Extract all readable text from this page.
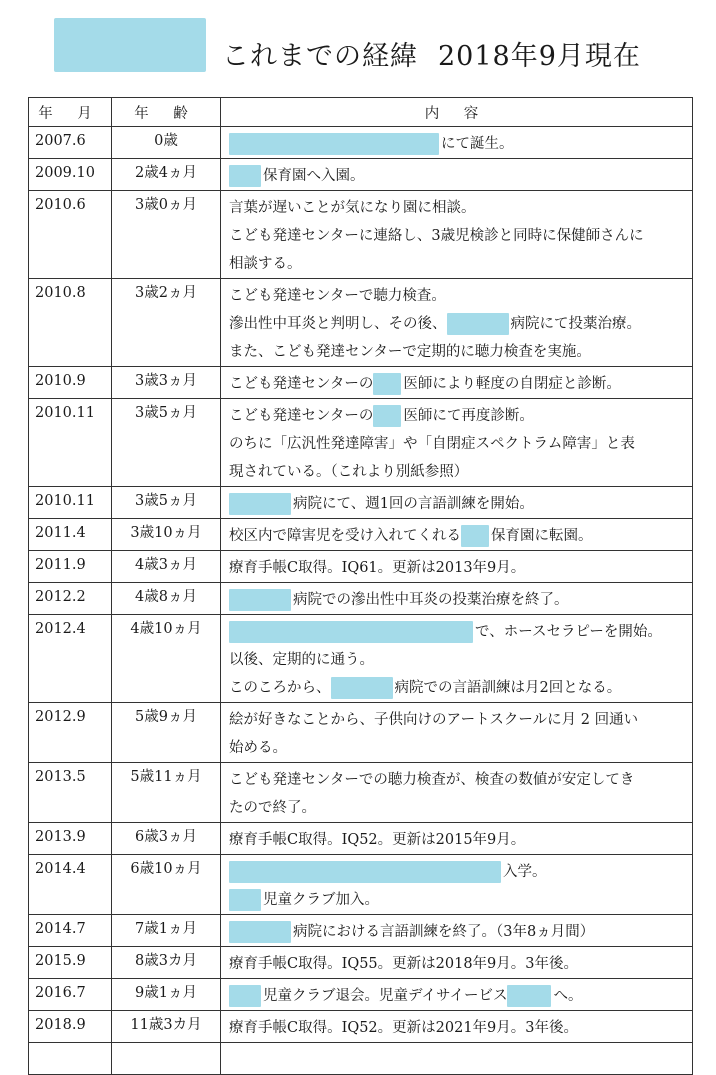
これまでの経緯 2018年9月現在
年 月	年 齢	内 容
2007.6	0歳	にて誕生。

2009.10	2歳4ヵ月	保育園へ入園。

2010.6	3歳0ヵ月	言葉が遅いことが気になり園に相談。
こども発達センターに連絡し、3歳児検診と同時に保健師さんに
相談する。

2010.8	3歳2ヵ月	こども発達センターで聴力検査。
滲出性中耳炎と判明し、その後、 病院にて投薬治療。
また、こども発達センターで定期的に聴力検査を実施。

2010.9	3歳3ヵ月	こども発達センターの 医師により軽度の自閉症と診断。

2010.11	3歳5ヵ月	こども発達センターの 医師にて再度診断。
のちに「広汎性発達障害」や「自閉症スペクトラム障害」と表
現されている。（これより別紙参照）

2010.11	3歳5ヵ月	病院にて、週1回の言語訓練を開始。

2011.4	3歳10ヵ月	校区内で障害児を受け入れてくれる 保育園に転園。

2011.9	4歳3ヵ月	療育手帳C取得。IQ61。更新は2013年9月。

2012.2	4歳8ヵ月	病院での滲出性中耳炎の投薬治療を終了。

2012.4	4歳10ヵ月	で、ホースセラピーを開始。
以後、定期的に通う。
このころから、 病院での言語訓練は月2回となる。

2012.9	5歳9ヵ月	絵が好きなことから、子供向けのアートスクールに月 2 回通い
始める。

2013.5	5歳11ヵ月	こども発達センターでの聴力検査が、検査の数値が安定してき
たので終了。

2013.9	6歳3ヵ月	療育手帳C取得。IQ52。更新は2015年9月。

2014.4	6歳10ヵ月	入学。
児童クラブ加入。

2014.7	7歳1ヵ月	病院における言語訓練を終了。（3年8ヵ月間）

2015.9	8歳3カ月	療育手帳C取得。IQ55。更新は2018年9月。3年後。

2016.7	9歳1ヵ月	児童クラブ退会。児童デイサイービス へ。

2018.9	11歳3カ月	療育手帳C取得。IQ52。更新は2021年9月。3年後。
